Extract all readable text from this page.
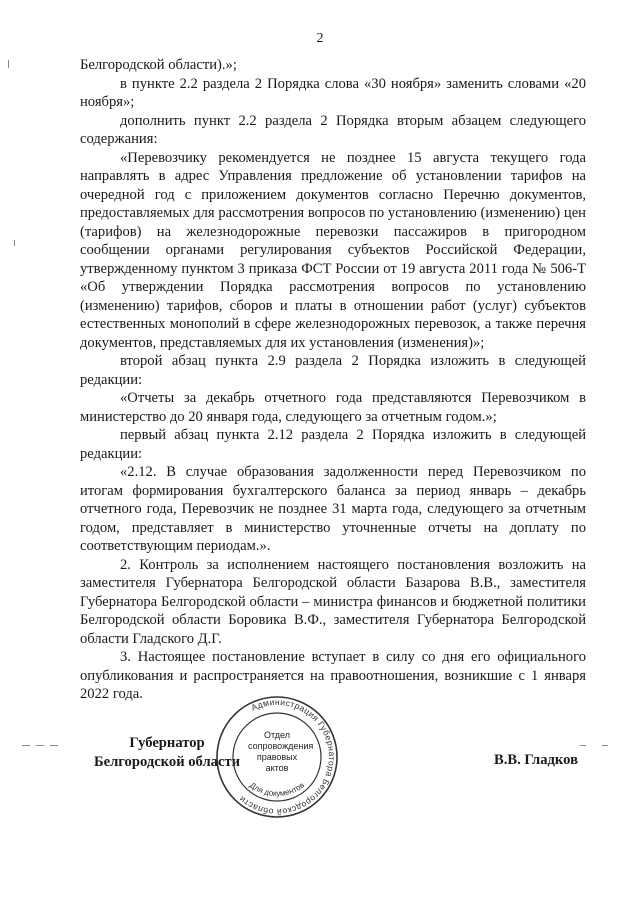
2

Белгородской области).»;

в пункте 2.2 раздела 2 Порядка слова «30 ноября» заменить словами «20 ноября»;

дополнить пункт 2.2 раздела 2 Порядка вторым абзацем следующего содержания:

«Перевозчику рекомендуется не позднее 15 августа текущего года направлять в адрес Управления предложение об установлении тарифов на очередной год с приложением документов согласно Перечню документов, предоставляемых для рассмотрения вопросов по установлению (изменению) цен (тарифов) на железнодорожные перевозки пассажиров в пригородном сообщении органами регулирования субъектов Российской Федерации, утвержденному пунктом 3 приказа ФСТ России от 19 августа 2011 года № 506-Т «Об утверждении Порядка рассмотрения вопросов по установлению (изменению) тарифов, сборов и платы в отношении работ (услуг) субъектов естественных монополий в сфере железнодорожных перевозок, а также перечня документов, представляемых для их установления (изменения)»;

второй абзац пункта 2.9 раздела 2 Порядка изложить в следующей редакции:

«Отчеты за декабрь отчетного года представляются Перевозчиком в министерство до 20 января года, следующего за отчетным годом.»;

первый абзац пункта 2.12 раздела 2 Порядка изложить в следующей редакции:

«2.12. В случае образования задолженности перед Перевозчиком по итогам формирования бухгалтерского баланса за период январь – декабрь отчетного года, Перевозчик не позднее 31 марта года, следующего за отчетным годом, представляет в министерство уточненные отчеты на доплату по соответствующим периодам.».

2. Контроль за исполнением настоящего постановления возложить на заместителя Губернатора Белгородской области Базарова В.В., заместителя Губернатора Белгородской области – министра финансов и бюджетной политики Белгородской области Боровика В.Ф., заместителя Губернатора Белгородской области Гладского Д.Г.

3. Настоящее постановление вступает в силу со дня его официального опубликования и распространяется на правоотношения, возникшие с 1 января 2022 года.

Губернатор
Белгородской области	В.В. Гладков
Администрация Губернатора Белгородской области
Для документов
Отдел
сопровождения
правовых
актов
